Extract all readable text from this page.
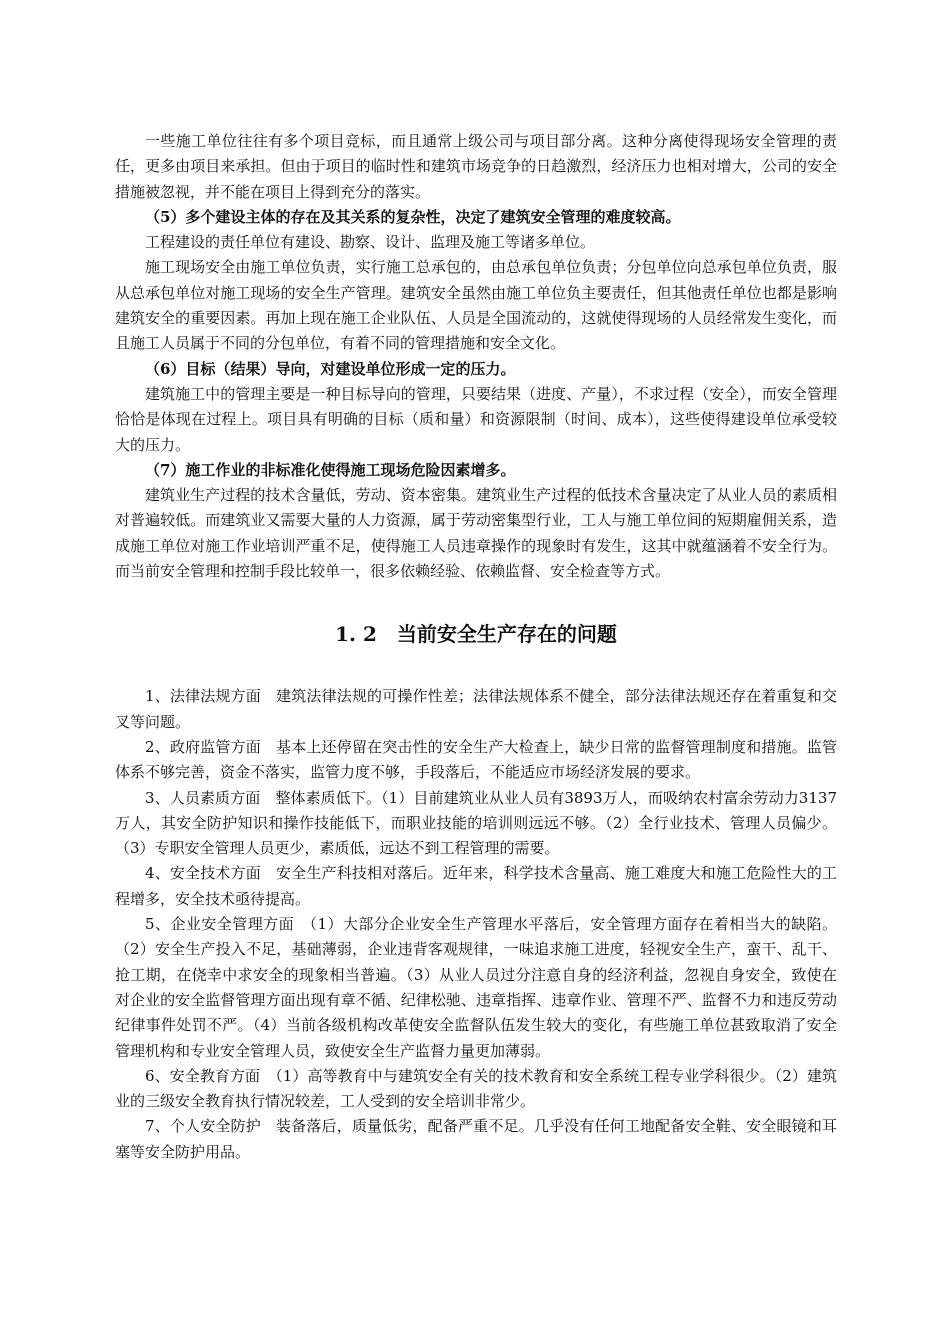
一些施工单位往往有多个项目竞标，而且通常上级公司与项目部分离。这种分离使得现场安全管理的责任，更多由项目来承担。但由于项目的临时性和建筑市场竞争的日趋激烈，经济压力也相对增大，公司的安全措施被忽视，并不能在项目上得到充分的落实。

（5）多个建设主体的存在及其关系的复杂性，决定了建筑安全管理的难度较高。

工程建设的责任单位有建设、勘察、设计、监理及施工等诸多单位。

施工现场安全由施工单位负责，实行施工总承包的，由总承包单位负责；分包单位向总承包单位负责，服从总承包单位对施工现场的安全生产管理。建筑安全虽然由施工单位负主要责任，但其他责任单位也都是影响建筑安全的重要因素。再加上现在施工企业队伍、人员是全国流动的，这就使得现场的人员经常发生变化，而且施工人员属于不同的分包单位，有着不同的管理措施和安全文化。

（6）目标（结果）导向，对建设单位形成一定的压力。

建筑施工中的管理主要是一种目标导向的管理，只要结果（进度、产量），不求过程（安全），而安全管理恰恰是体现在过程上。项目具有明确的目标（质和量）和资源限制（时间、成本），这些使得建设单位承受较大的压力。

（7）施工作业的非标准化使得施工现场危险因素增多。

建筑业生产过程的技术含量低，劳动、资本密集。建筑业生产过程的低技术含量决定了从业人员的素质相对普遍较低。而建筑业又需要大量的人力资源，属于劳动密集型行业，工人与施工单位间的短期雇佣关系，造成施工单位对施工作业培训严重不足，使得施工人员违章操作的现象时有发生，这其中就蕴涵着不安全行为。而当前安全管理和控制手段比较单一，很多依赖经验、依赖监督、安全检查等方式。

1. 2　当前安全生产存在的问题

1、法律法规方面　建筑法律法规的可操作性差；法律法规体系不健全，部分法律法规还存在着重复和交叉等问题。

2、政府监管方面　基本上还停留在突击性的安全生产大检查上，缺少日常的监督管理制度和措施。监管体系不够完善，资金不落实，监管力度不够，手段落后，不能适应市场经济发展的要求。

3、人员素质方面　整体素质低下。（1）目前建筑业从业人员有3893万人，而吸纳农村富余劳动力3137万人，其安全防护知识和操作技能低下，而职业技能的培训则远远不够。（2）全行业技术、管理人员偏少。（3）专职安全管理人员更少，素质低，远达不到工程管理的需要。

4、安全技术方面　安全生产科技相对落后。近年来，科学技术含量高、施工难度大和施工危险性大的工程增多，安全技术亟待提高。

5、企业安全管理方面　（1）大部分企业安全生产管理水平落后，安全管理方面存在着相当大的缺陷。（2）安全生产投入不足，基础薄弱，企业违背客观规律，一味追求施工进度，轻视安全生产，蛮干、乱干、抢工期，在侥幸中求安全的现象相当普遍。（3）从业人员过分注意自身的经济利益，忽视自身安全，致使在对企业的安全监督管理方面出现有章不循、纪律松驰、违章指挥、违章作业、管理不严、监督不力和违反劳动纪律事件处罚不严。（4）当前各级机构改革使安全监督队伍发生较大的变化，有些施工单位甚致取消了安全管理机构和专业安全管理人员，致使安全生产监督力量更加薄弱。

6、安全教育方面　（1）高等教育中与建筑安全有关的技术教育和安全系统工程专业学科很少。（2）建筑业的三级安全教育执行情况较差，工人受到的安全培训非常少。

7、个人安全防护　装备落后，质量低劣，配备严重不足。几乎没有任何工地配备安全鞋、安全眼镜和耳塞等安全防护用品。
